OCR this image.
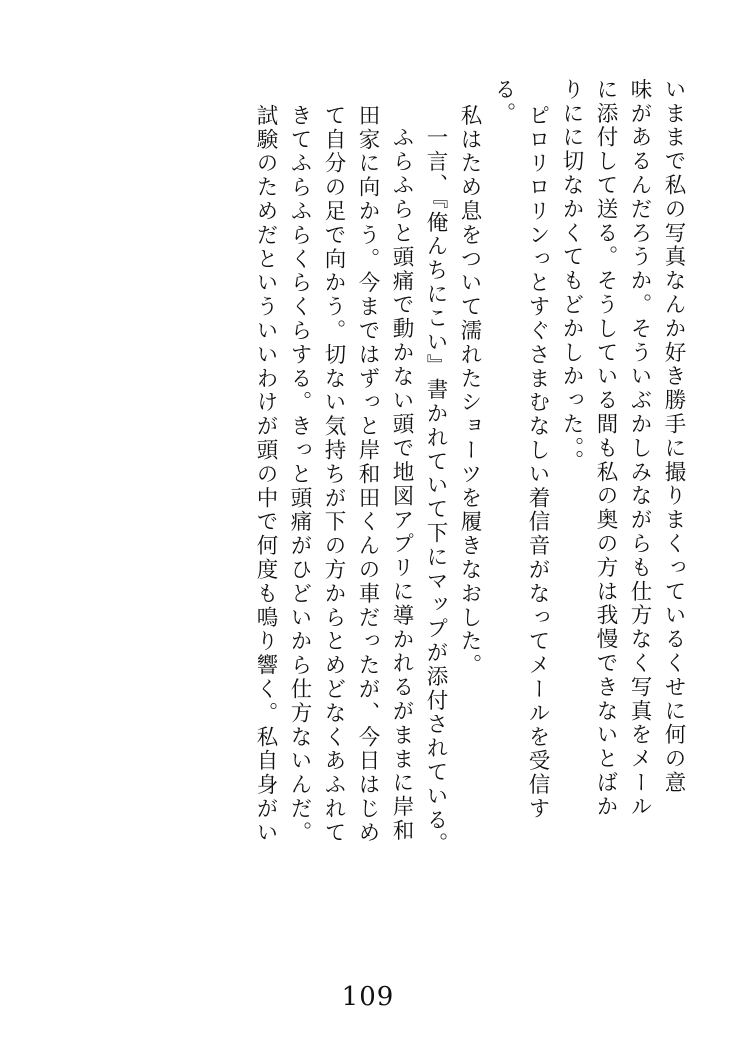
いままで私の写真なんか好き勝手に撮りまくっているくせに何の意
味があるんだろうか。そういぶかしみながらも仕方なく写真をメール
に添付して送る。そうしている間も私の奥の方は我慢できないとばか
りにに切なかくてもどかしかった。。
ピロリロリンっとすぐさまむなしい着信音がなってメールを受信す
る。
私はため息をついて濡れたショーツを履きなおした。
一言、『俺んちにこい』書かれていて下にマップが添付されている。
ふらふらと頭痛で動かない頭で地図アプリに導かれるがままに岸和
田家に向かう。今まではずっと岸和田くんの車だったが、今日はじめ
て自分の足で向かう。切ない気持ちが下の方からとめどなくあふれて
きてふらふらくらくらする。きっと頭痛がひどいから仕方ないんだ。
試験のためだといういいわけが頭の中で何度も鳴り響く。私自身がい
109
